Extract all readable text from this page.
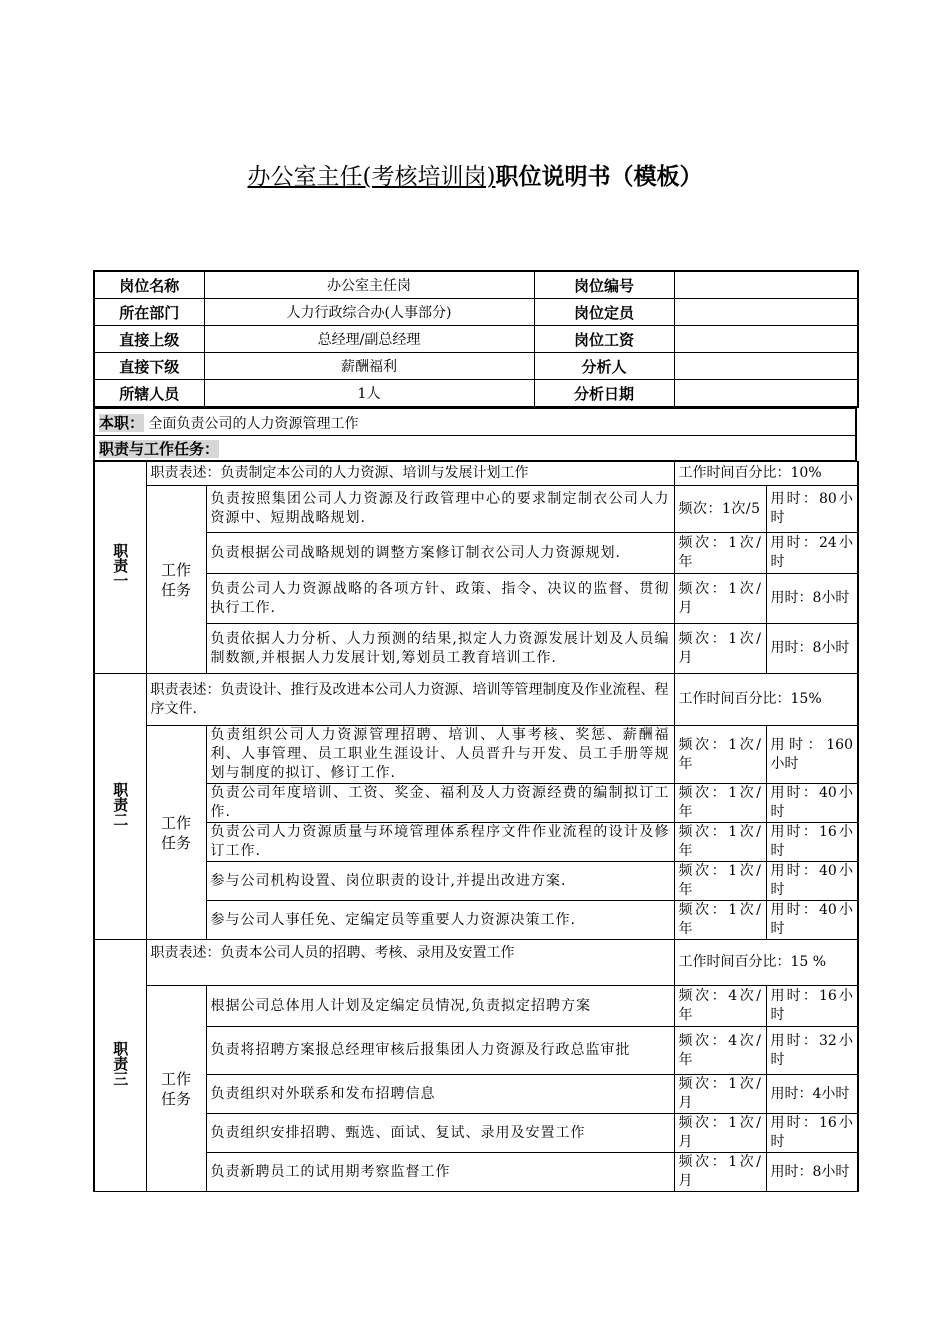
办公室主任(考核培训岗)职位说明书（模板）
岗位名称	办公室主任岗	岗位编号	
所在部门	人力行政综合办(人事部分)	岗位定员	
直接上级	总经理/副总经理	岗位工资	
直接下级	薪酬福利	分析人	
所辖人员	1人	分析日期	
本职： 全面负责公司的人力资源管理工作
职责与工作任务：
职责一	职责表述：负责制定本公司的人力资源、培训与发展计划工作		工作时间百分比：10%	
	工作任务	负责按照集团公司人力资源及行政管理中心的要求制定制衣公司人力资源中、短期战略规划.	频次：1次/5	用时：80小时
		负责根据公司战略规划的调整方案修订制衣公司人力资源规划.	频次：1次/年	用时：24小时
		负责公司人力资源战略的各项方针、政策、指令、决议的监督、贯彻执行工作.	频次：1次/月	用时：8小时
		负责依据人力分析、人力预测的结果,拟定人力资源发展计划及人员编制数额,并根据人力发展计划,筹划员工教育培训工作.	频次：1次/月	用时：8小时
职责二	职责表述：负责设计、推行及改进本公司人力资源、培训等管理制度及作业流程、程序文件.		工作时间百分比：15%	
	工作任务	负责组织公司人力资源管理招聘、培训、人事考核、奖惩、薪酬福利、人事管理、员工职业生涯设计、人员晋升与开发、员工手册等规划与制度的拟订、修订工作.	频次：1次/年	用时：160小时
		负责公司年度培训、工资、奖金、福利及人力资源经费的编制拟订工作.	频次：1次/年	用时：40小时
		负责公司人力资源质量与环境管理体系程序文件作业流程的设计及修订工作.	频次：1次/年	用时：16小时
		参与公司机构设置、岗位职责的设计,并提出改进方案.	频次：1次/年	用时：40小时
		参与公司人事任免、定编定员等重要人力资源决策工作.	频次：1次/年	用时：40小时
职责三	职责表述：负责本公司人员的招聘、考核、录用及安置工作		工作时间百分比：15 %	
	工作任务	根据公司总体用人计划及定编定员情况,负责拟定招聘方案	频次：4次/年	用时：16小时
		负责将招聘方案报总经理审核后报集团人力资源及行政总监审批	频次：4次/年	用时：32小时
		负责组织对外联系和发布招聘信息	频次：1次/月	用时：4小时
		负责组织安排招聘、甄选、面试、复试、录用及安置工作	频次：1次/月	用时：16小时
		负责新聘员工的试用期考察监督工作	频次：1次/月	用时：8小时
